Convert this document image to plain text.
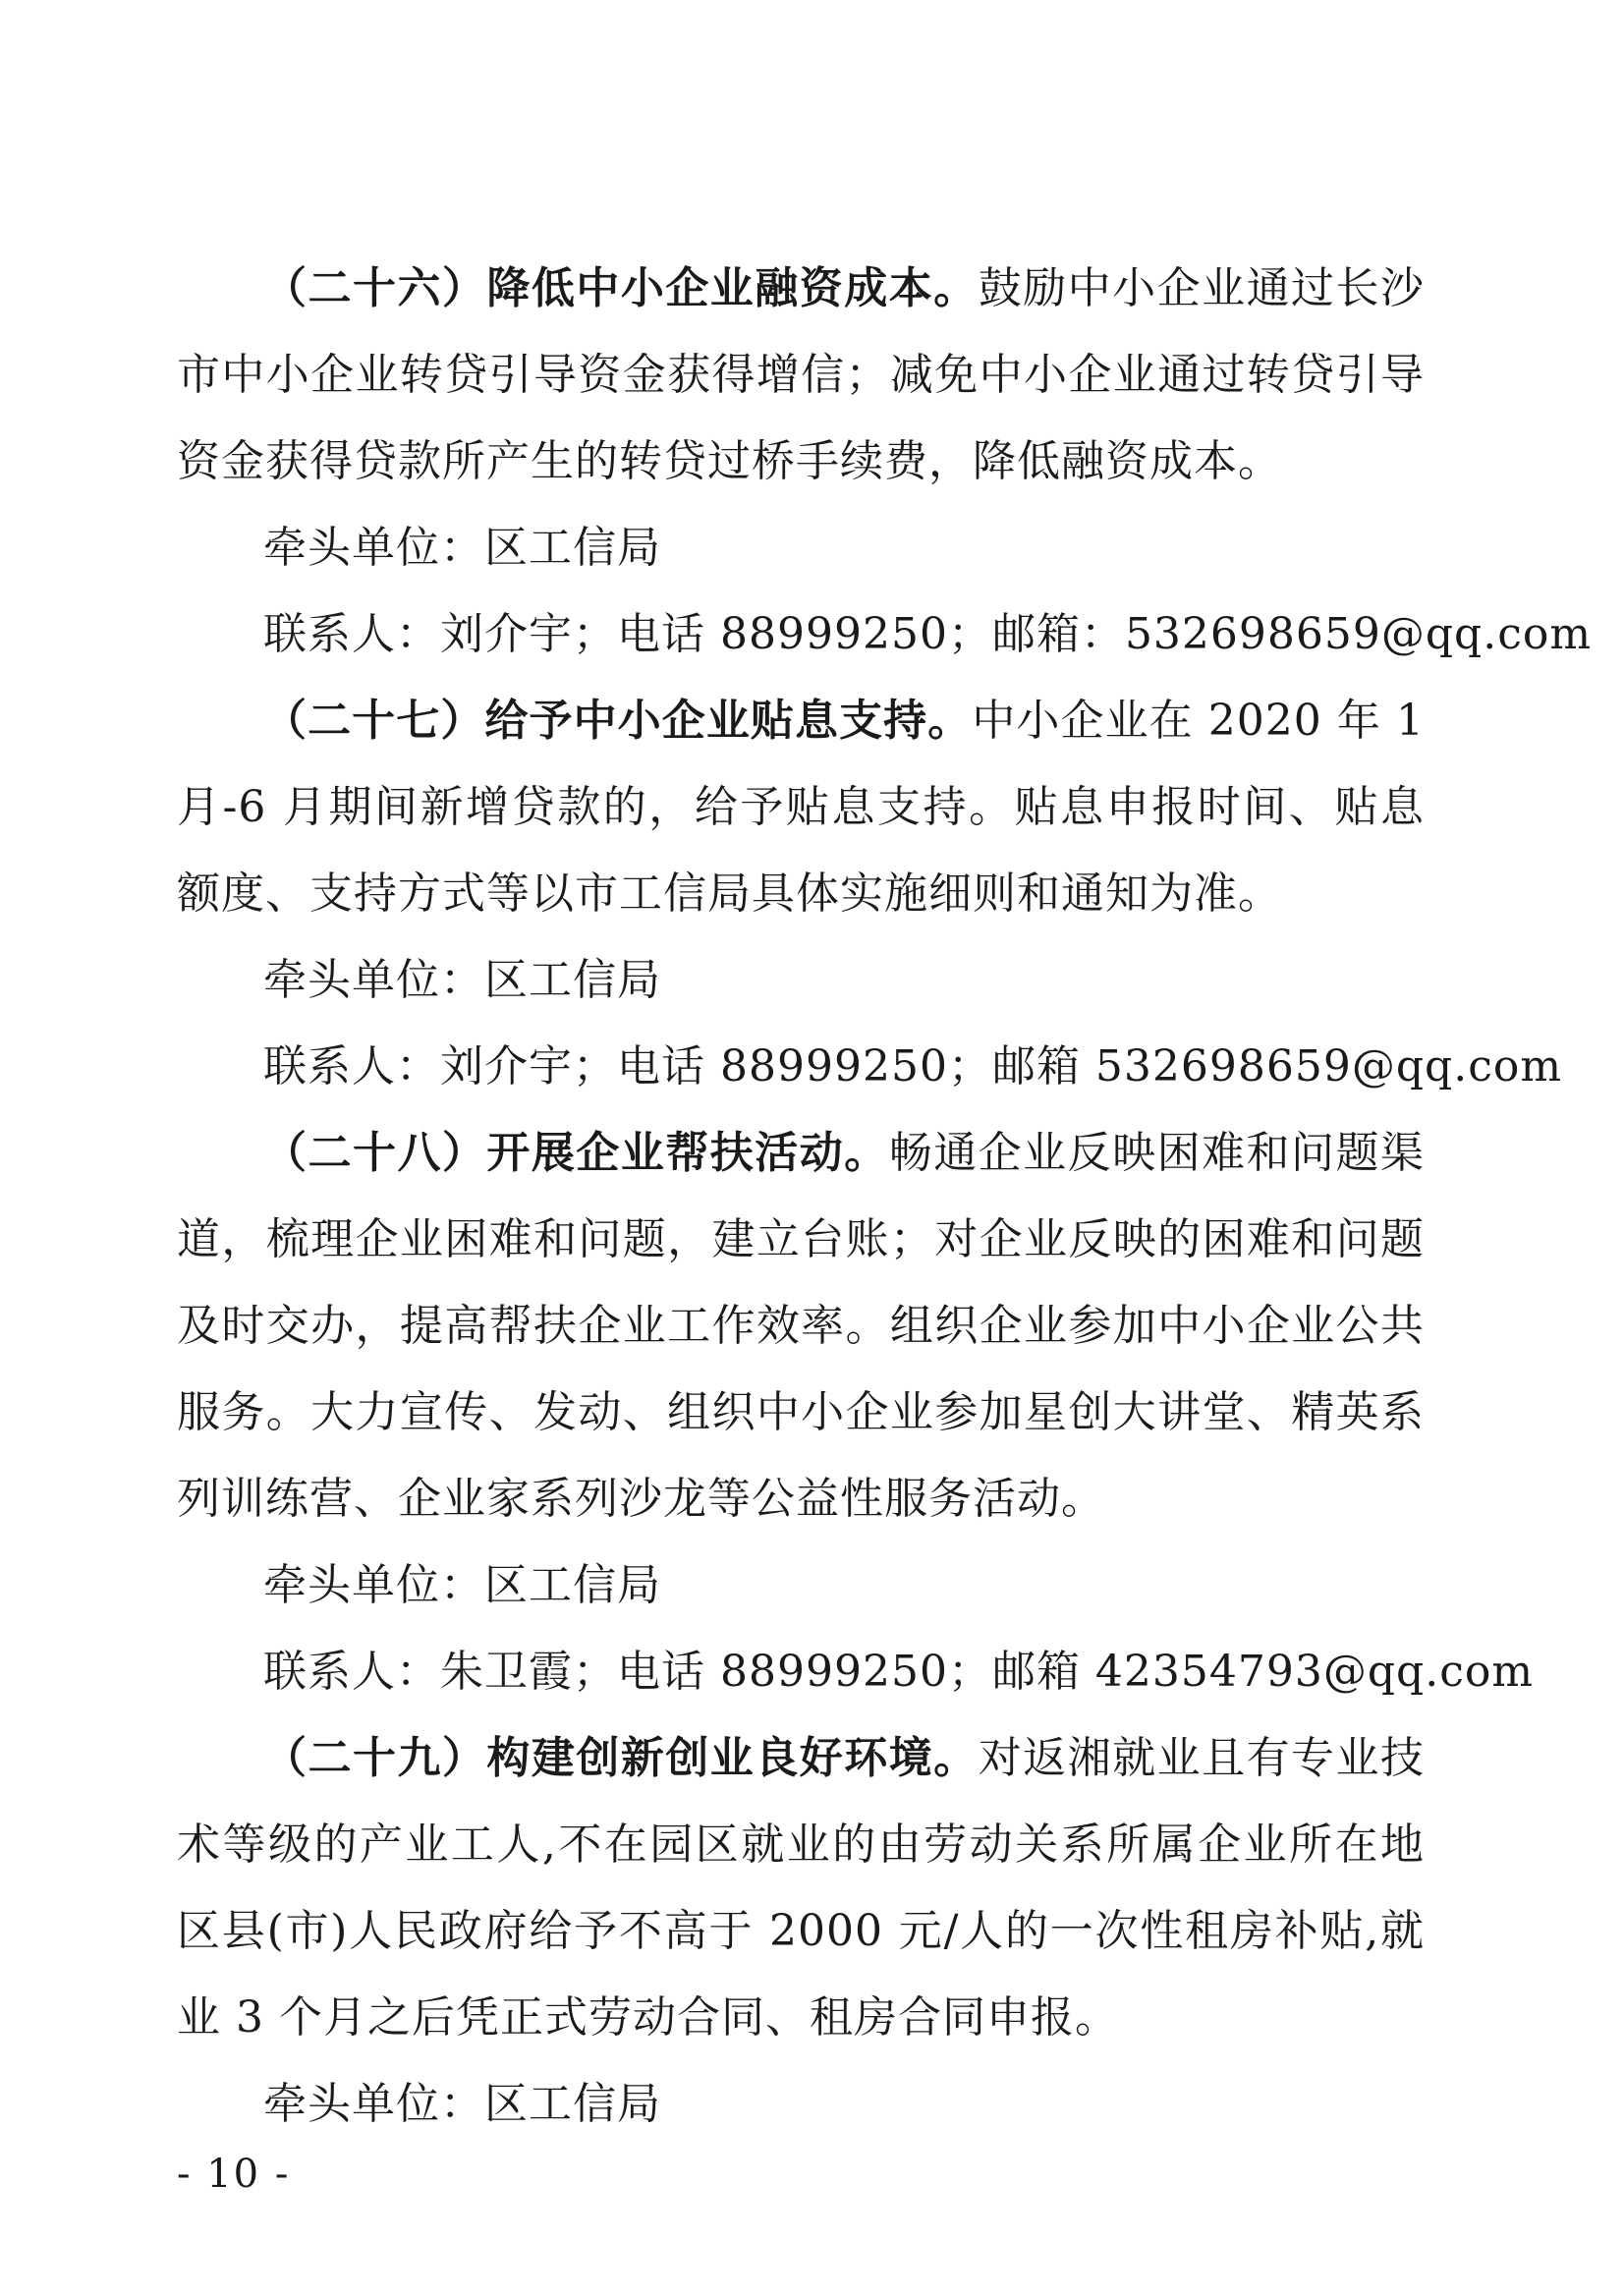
（二十六）降低中小企业融资成本。鼓励中小企业通过长沙市中小企业转贷引导资金获得增信；减免中小企业通过转贷引导资金获得贷款所产生的转贷过桥手续费，降低融资成本。

牵头单位：区工信局

联系人：刘介宇；电话 88999250；邮箱：532698659@qq.com

（二十七）给予中小企业贴息支持。中小企业在 2020 年 1 月-6 月期间新增贷款的，给予贴息支持。贴息申报时间、贴息额度、支持方式等以市工信局具体实施细则和通知为准。

牵头单位：区工信局

联系人：刘介宇；电话 88999250；邮箱 532698659@qq.com

（二十八）开展企业帮扶活动。畅通企业反映困难和问题渠道，梳理企业困难和问题，建立台账；对企业反映的困难和问题及时交办，提高帮扶企业工作效率。组织企业参加中小企业公共服务。大力宣传、发动、组织中小企业参加星创大讲堂、精英系列训练营、企业家系列沙龙等公益性服务活动。

牵头单位：区工信局

联系人：朱卫霞；电话 88999250；邮箱 42354793@qq.com

（二十九）构建创新创业良好环境。对返湘就业且有专业技术等级的产业工人,不在园区就业的由劳动关系所属企业所在地区县(市)人民政府给予不高于 2000 元/人的一次性租房补贴,就业 3 个月之后凭正式劳动合同、租房合同申报。

牵头单位：区工信局

- 10 -
